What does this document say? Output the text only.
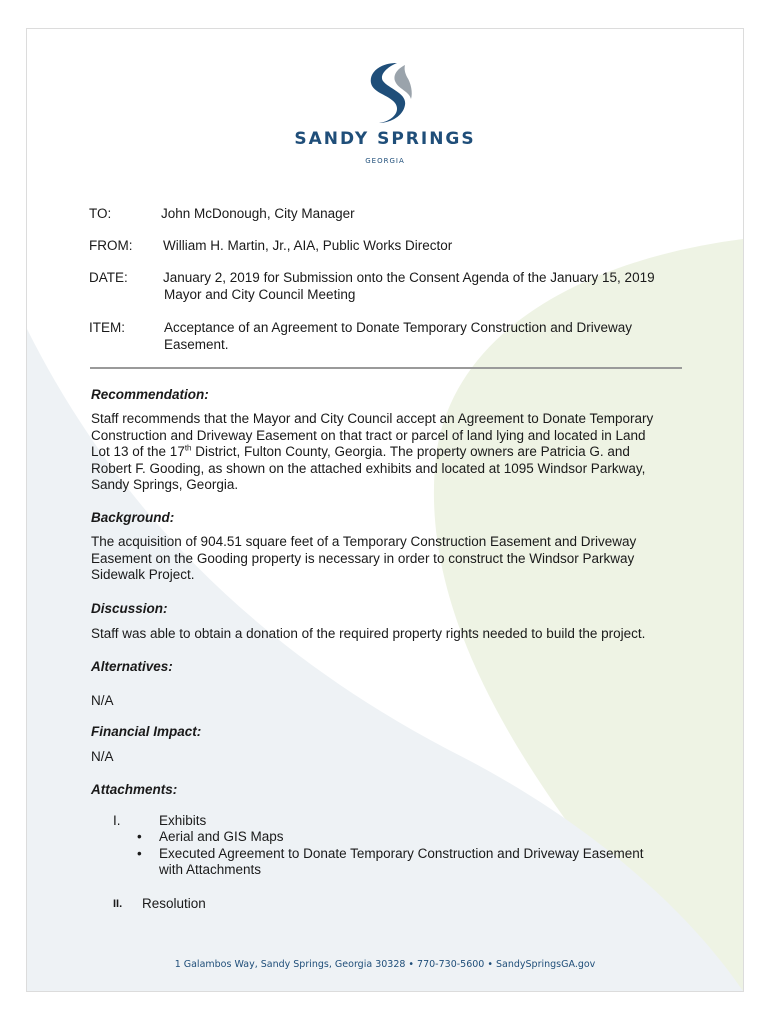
SANDY SPRINGS
GEORGIA
TO:	John McDonough, City Manager
FROM: William H. Martin, Jr., AIA, Public Works Director
DATE:	January 2, 2019 for Submission onto the Consent Agenda of the January 15, 2019
Mayor and City Council Meeting
ITEM:	Acceptance of an Agreement to Donate Temporary Construction and Driveway
Easement.
Recommendation:
Staff recommends that the Mayor and City Council accept an Agreement to Donate Temporary
Construction and Driveway Easement on that tract or parcel of land lying and located in Land
Lot 13 of the 17th District, Fulton County, Georgia. The property owners are Patricia G. and
Robert F. Gooding, as shown on the attached exhibits and located at 1095 Windsor Parkway,
Sandy Springs, Georgia.
Background:
The acquisition of 904.51 square feet of a Temporary Construction Easement and Driveway
Easement on the Gooding property is necessary in order to construct the Windsor Parkway
Sidewalk Project.
Discussion:
Staff was able to obtain a donation of the required property rights needed to build the project.
Alternatives:
N/A
Financial Impact:
N/A
Attachments:
I.	Exhibits
• Aerial and GIS Maps
• Executed Agreement to Donate Temporary Construction and Driveway Easement
with Attachments
II. Resolution
1 Galambos Way, Sandy Springs, Georgia 30328 • 770-730-5600 • SandySpringsGA.gov
